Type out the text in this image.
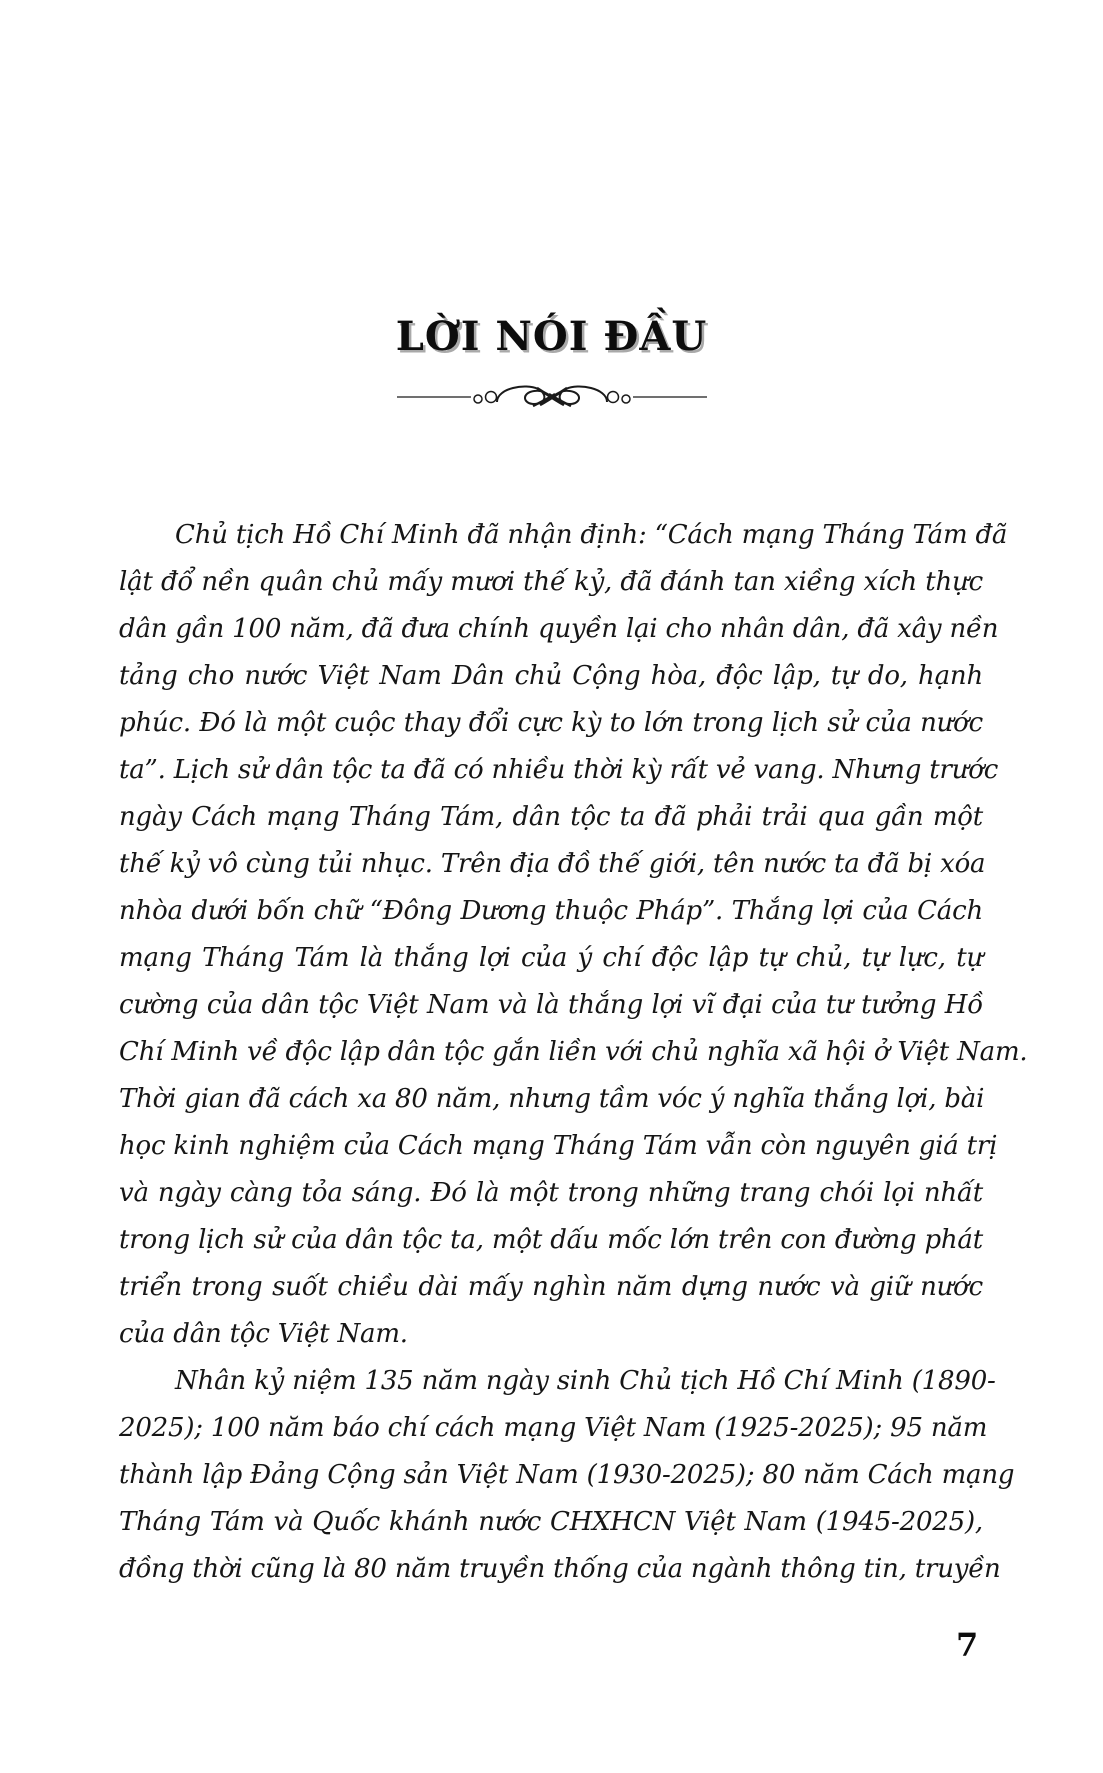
LỜI NÓI ĐẦU
Chủ tịch Hồ Chí Minh đã nhận định: “Cách mạng Tháng Tám đã
lật đổ nền quân chủ mấy mươi thế kỷ, đã đánh tan xiềng xích thực
dân gần 100 năm, đã đưa chính quyền lại cho nhân dân, đã xây nền
tảng cho nước Việt Nam Dân chủ Cộng hòa, độc lập, tự do, hạnh
phúc. Đó là một cuộc thay đổi cực kỳ to lớn trong lịch sử của nước
ta”. Lịch sử dân tộc ta đã có nhiều thời kỳ rất vẻ vang. Nhưng trước
ngày Cách mạng Tháng Tám, dân tộc ta đã phải trải qua gần một
thế kỷ vô cùng tủi nhục. Trên địa đồ thế giới, tên nước ta đã bị xóa
nhòa dưới bốn chữ “Đông Dương thuộc Pháp”. Thắng lợi của Cách
mạng Tháng Tám là thắng lợi của ý chí độc lập tự chủ, tự lực, tự
cường của dân tộc Việt Nam và là thắng lợi vĩ đại của tư tưởng Hồ
Chí Minh về độc lập dân tộc gắn liền với chủ nghĩa xã hội ở Việt Nam.
Thời gian đã cách xa 80 năm, nhưng tầm vóc ý nghĩa thắng lợi, bài
học kinh nghiệm của Cách mạng Tháng Tám vẫn còn nguyên giá trị
và ngày càng tỏa sáng. Đó là một trong những trang chói lọi nhất
trong lịch sử của dân tộc ta, một dấu mốc lớn trên con đường phát
triển trong suốt chiều dài mấy nghìn năm dựng nước và giữ nước
của dân tộc Việt Nam.
Nhân kỷ niệm 135 năm ngày sinh Chủ tịch Hồ Chí Minh (1890-
2025); 100 năm báo chí cách mạng Việt Nam (1925-2025); 95 năm
thành lập Đảng Cộng sản Việt Nam (1930-2025); 80 năm Cách mạng
Tháng Tám và Quốc khánh nước CHXHCN Việt Nam (1945-2025),
đồng thời cũng là 80 năm truyền thống của ngành thông tin, truyền
7
